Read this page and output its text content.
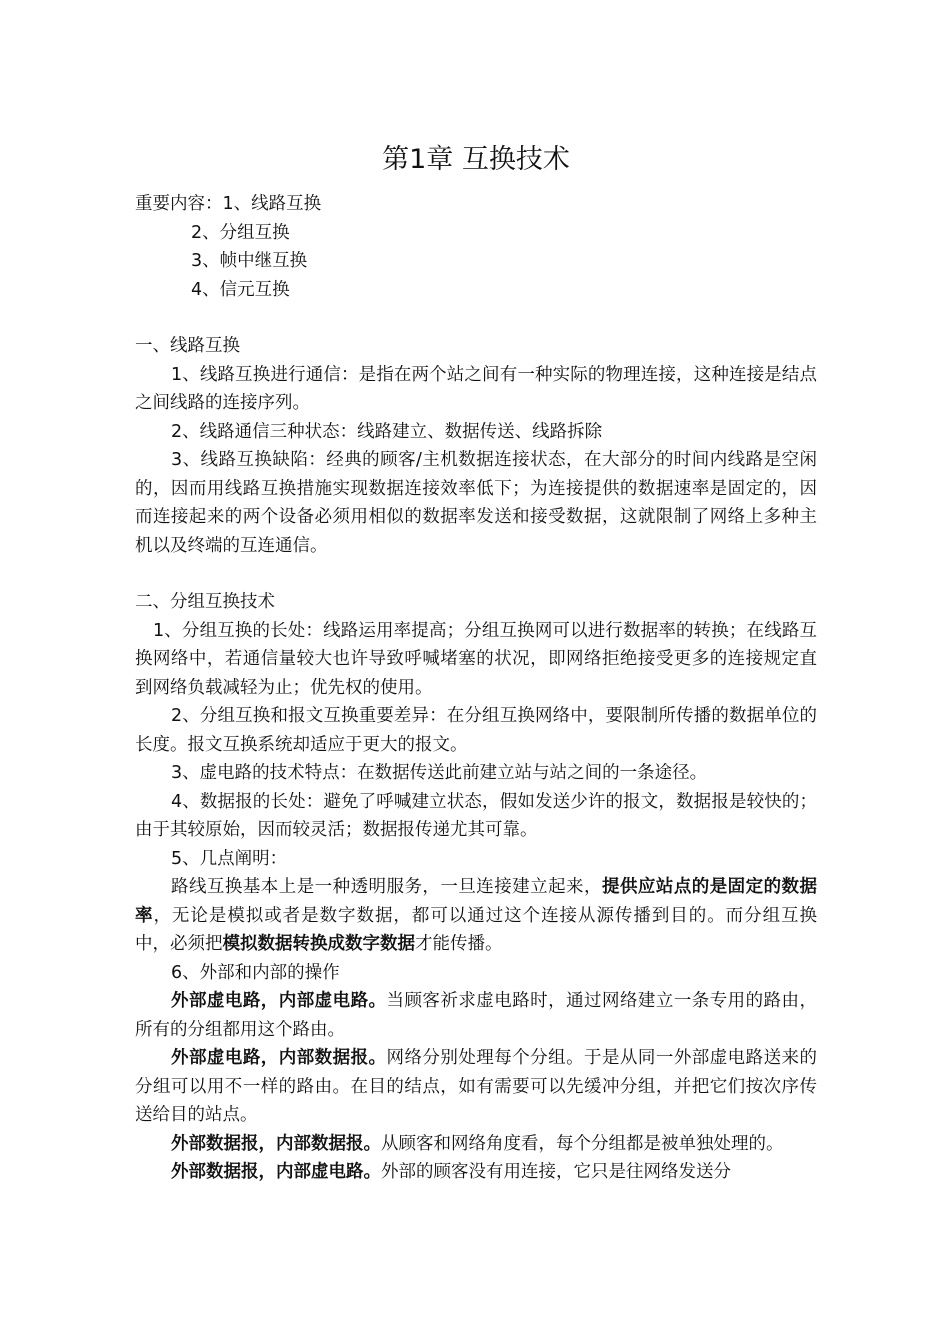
第1章 互换技术

重要内容：1、线路互换

2、分组互换

3、帧中继互换

4、信元互换

一、线路互换

1、线路互换进行通信：是指在两个站之间有一种实际的物理连接，这种连接是结点之间线路的连接序列。

2、线路通信三种状态：线路建立、数据传送、线路拆除

3、线路互换缺陷：经典的顾客/主机数据连接状态，在大部分的时间内线路是空闲的，因而用线路互换措施实现数据连接效率低下；为连接提供的数据速率是固定的，因而连接起来的两个设备必须用相似的数据率发送和接受数据，这就限制了网络上多种主机以及终端的互连通信。

二、分组互换技术

1、分组互换的长处：线路运用率提高；分组互换网可以进行数据率的转换；在线路互换网络中，若通信量较大也许导致呼喊堵塞的状况，即网络拒绝接受更多的连接规定直到网络负载减轻为止；优先权的使用。

2、分组互换和报文互换重要差异：在分组互换网络中，要限制所传播的数据单位的长度。报文互换系统却适应于更大的报文。

3、虚电路的技术特点：在数据传送此前建立站与站之间的一条途径。

4、数据报的长处：避免了呼喊建立状态，假如发送少许的报文，数据报是较快的；由于其较原始，因而较灵活；数据报传递尤其可靠。

5、几点阐明：

路线互换基本上是一种透明服务，一旦连接建立起来，提供应站点的是固定的数据率，无论是模拟或者是数字数据，都可以通过这个连接从源传播到目的。而分组互换中，必须把模拟数据转换成数字数据才能传播。

6、外部和内部的操作

外部虚电路，内部虚电路。当顾客祈求虚电路时，通过网络建立一条专用的路由，所有的分组都用这个路由。

外部虚电路，内部数据报。网络分别处理每个分组。于是从同一外部虚电路送来的分组可以用不一样的路由。在目的结点，如有需要可以先缓冲分组，并把它们按次序传送给目的站点。

外部数据报，内部数据报。从顾客和网络角度看，每个分组都是被单独处理的。

外部数据报，内部虚电路。外部的顾客没有用连接，它只是往网络发送分
